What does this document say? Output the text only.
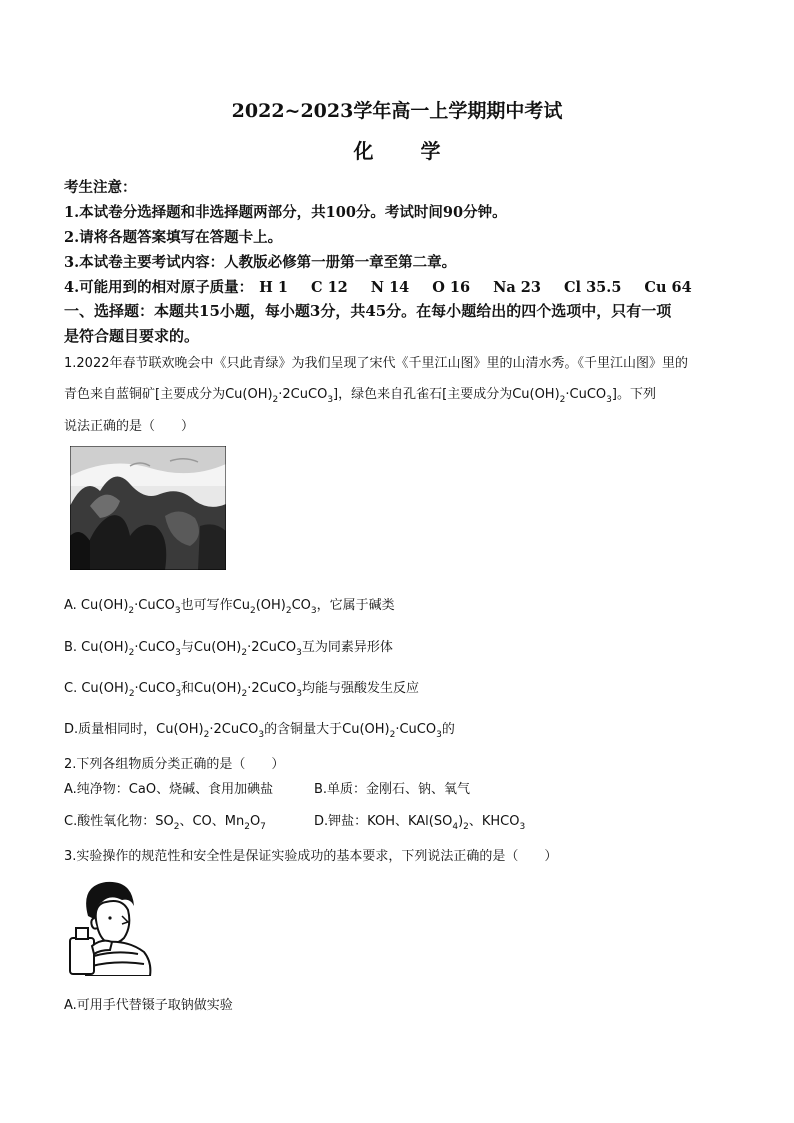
2022~2023学年高一上学期期中考试
化 学
考生注意：
1.本试卷分选择题和非选择题两部分，共100分。考试时间90分钟。
2.请将各题答案填写在答题卡上。
3.本试卷主要考试内容：人教版必修第一册第一章至第二章。
4.可能用到的相对原子质量： H 1 C 12 N 14 O 16 Na 23 Cl 35.5 Cu 64
一、选择题：本题共15小题，每小题3分，共45分。在每小题给出的四个选项中，只有一项
是符合题目要求的。
1.2022年春节联欢晚会中《只此青绿》为我们呈现了宋代《千里江山图》里的山清水秀。《千里江山图》里的
青色来自蓝铜矿[主要成分为$Cu(OH)_2\cdot 2CuCO_3$]，绿色来自孔雀石[主要成分为$Cu(OH)_2\cdot CuCO_3$]。下列
说法正确的是（　　）
A. $Cu(OH)_2\cdot CuCO_3$也可写作$Cu_2(OH)_2CO_3$，它属于碱类
B. $Cu(OH)_2\cdot CuCO_3$与$Cu(OH)_2\cdot 2CuCO_3$互为同素异形体
C. $Cu(OH)_2\cdot CuCO_3$和$Cu(OH)_2\cdot 2CuCO_3$均能与强酸发生反应
D.质量相同时，$Cu(OH)_2\cdot 2CuCO_3$的含铜量大于$Cu(OH)_2\cdot CuCO_3$的
2.下列各组物质分类正确的是（　　）
A.纯净物：CaO、烧碱、食用加碘盐	B.单质：金刚石、钠、氧气
C.酸性氧化物：$SO_2$、CO、$Mn_2O_7$	D.钾盐：KOH、$KAl(SO_4)_2$、$KHCO_3$
3.实验操作的规范性和安全性是保证实验成功的基本要求，下列说法正确的是（　　）
A.可用手代替镊子取钠做实验
